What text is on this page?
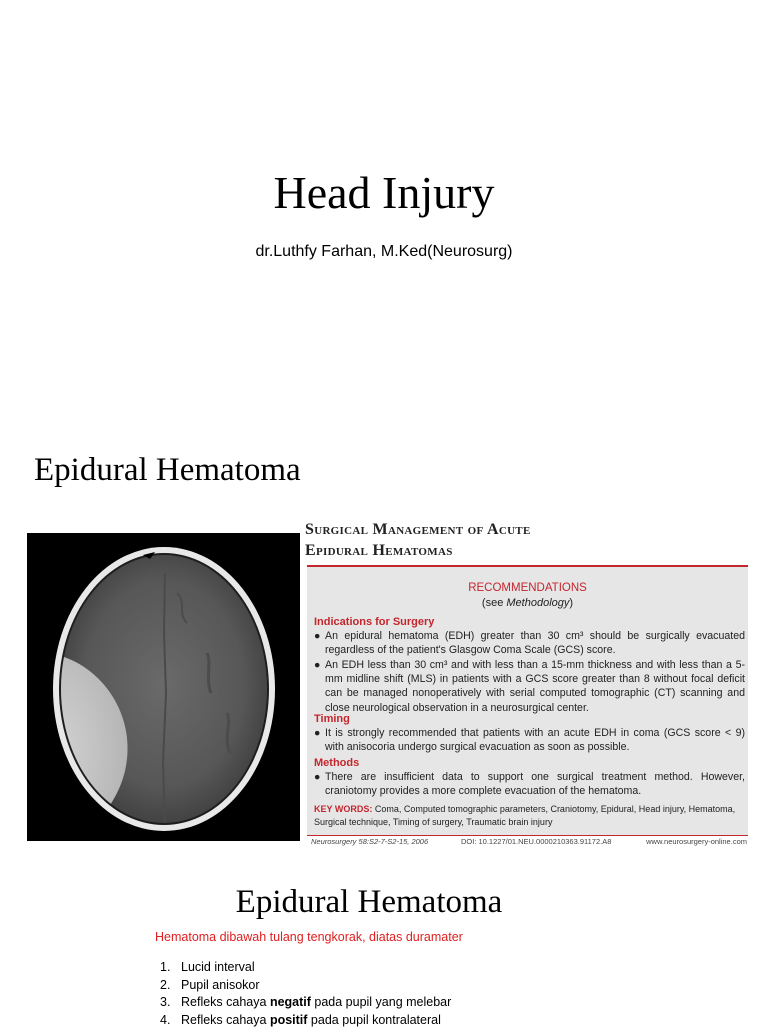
Head Injury
dr.Luthfy Farhan, M.Ked(Neurosurg)
Epidural Hematoma
Surgical Management of Acute
Epidural Hematomas
RECOMMENDATIONS
(see Methodology)
Indications for Surgery
● An epidural hematoma (EDH) greater than 30 cm³ should be surgically evacuated regardless of the patient's Glasgow Coma Scale (GCS) score.
● An EDH less than 30 cm³ and with less than a 15-mm thickness and with less than a 5-mm midline shift (MLS) in patients with a GCS score greater than 8 without focal deficit can be managed nonoperatively with serial computed tomographic (CT) scanning and close neurological observation in a neurosurgical center.
Timing
● It is strongly recommended that patients with an acute EDH in coma (GCS score < 9) with anisocoria undergo surgical evacuation as soon as possible.
Methods
● There are insufficient data to support one surgical treatment method. However, craniotomy provides a more complete evacuation of the hematoma.
KEY WORDS: Coma, Computed tomographic parameters, Craniotomy, Epidural, Head injury, Hematoma, Surgical technique, Timing of surgery, Traumatic brain injury
Neurosurgery 58:S2-7-S2-15, 2006	DOI: 10.1227/01.NEU.0000210363.91172.A8	www.neurosurgery-online.com
Epidural Hematoma
Hematoma dibawah tulang tengkorak, diatas duramater
1. Lucid interval
2. Pupil anisokor
3. Refleks cahaya negatif pada pupil yang melebar
4. Refleks cahaya positif pada pupil kontralateral
